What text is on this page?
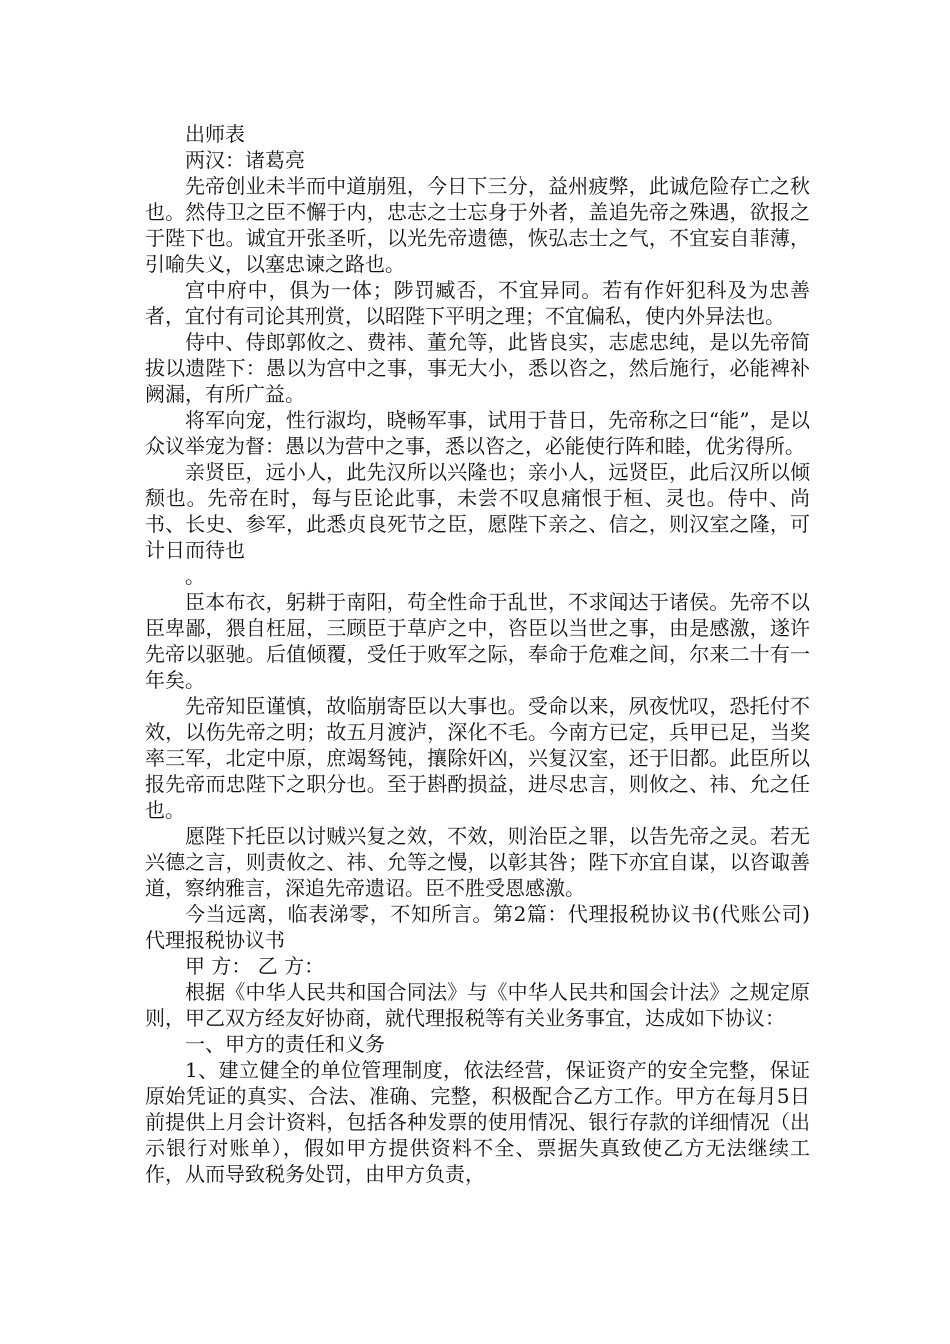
出师表

两汉：诸葛亮

先帝创业未半而中道崩殂，今日下三分，益州疲弊，此诚危险存亡之秋也。然侍卫之臣不懈于内，忠志之士忘身于外者，盖追先帝之殊遇，欲报之于陛下也。诚宜开张圣听，以光先帝遗德，恢弘志士之气，不宜妄自菲薄，引喻失义，以塞忠谏之路也。

宫中府中，俱为一体；陟罚臧否，不宜异同。若有作奸犯科及为忠善者，宜付有司论其刑赏，以昭陛下平明之理；不宜偏私，使内外异法也。

侍中、侍郎郭攸之、费祎、董允等，此皆良实，志虑忠纯，是以先帝简拔以遗陛下：愚以为宫中之事，事无大小，悉以咨之，然后施行，必能裨补阙漏，有所广益。

将军向宠，性行淑均，晓畅军事，试用于昔日，先帝称之曰“能”，是以众议举宠为督：愚以为营中之事，悉以咨之，必能使行阵和睦，优劣得所。

亲贤臣，远小人，此先汉所以兴隆也；亲小人，远贤臣，此后汉所以倾颓也。先帝在时，每与臣论此事，未尝不叹息痛恨于桓、灵也。侍中、尚书、长史、参军，此悉贞良死节之臣，愿陛下亲之、信之，则汉室之隆，可计日而待也

。

臣本布衣，躬耕于南阳，苟全性命于乱世，不求闻达于诸侯。先帝不以臣卑鄙，猥自枉屈，三顾臣于草庐之中，咨臣以当世之事，由是感激，遂许先帝以驱驰。后值倾覆，受任于败军之际，奉命于危难之间，尔来二十有一年矣。

先帝知臣谨慎，故临崩寄臣以大事也。受命以来，夙夜忧叹，恐托付不效，以伤先帝之明；故五月渡泸，深化不毛。今南方已定，兵甲已足，当奖率三军，北定中原，庶竭驽钝，攘除奸凶，兴复汉室，还于旧都。此臣所以报先帝而忠陛下之职分也。至于斟酌损益，进尽忠言，则攸之、祎、允之任也。

愿陛下托臣以讨贼兴复之效，不效，则治臣之罪，以告先帝之灵。若无兴德之言，则责攸之、祎、允等之慢，以彰其咎；陛下亦宜自谋，以咨诹善道，察纳雅言，深追先帝遗诏。臣不胜受恩感激。

今当远离，临表涕零，不知所言。第2篇：代理报税协议书(代账公司)代理报税协议书

甲 方： 乙 方：

根据《中华人民共和国合同法》与《中华人民共和国会计法》之规定原则，甲乙双方经友好协商，就代理报税等有关业务事宜，达成如下协议：

一、甲方的责任和义务

1、建立健全的单位管理制度，依法经营，保证资产的安全完整，保证原始凭证的真实、合法、准确、完整，积极配合乙方工作。甲方在每月5日前提供上月会计资料，包括各种发票的使用情况、银行存款的详细情况（出示银行对账单），假如甲方提供资料不全、票据失真致使乙方无法继续工作，从而导致税务处罚，由甲方负责，
